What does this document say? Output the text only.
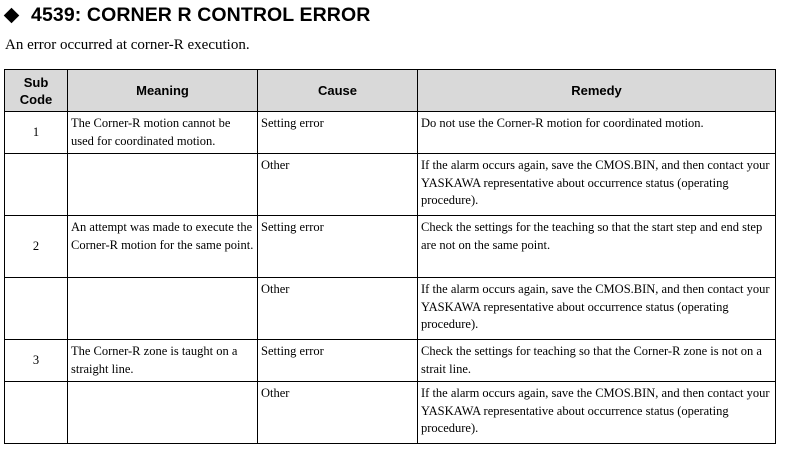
4539: CORNER R CONTROL ERROR
An error occurred at corner-R execution.
Sub
Code	Meaning	Cause	Remedy
1	The Corner-R motion cannot be used for coordinated motion.	Setting error	Do not use the Corner-R motion for coordinated motion.
		Other	If the alarm occurs again, save the CMOS.BIN, and then contact your YASKAWA representative about occurrence status (operating procedure).
2	An attempt was made to execute the Corner-R motion for the same point.	Setting error	Check the settings for the teaching so that the start step and end step are not on the same point.
		Other	If the alarm occurs again, save the CMOS.BIN, and then contact your YASKAWA representative about occurrence status (operating procedure).
3	The Corner-R zone is taught on a straight line.	Setting error	Check the settings for teaching so that the Corner-R zone is not on a strait line.
		Other	If the alarm occurs again, save the CMOS.BIN, and then contact your YASKAWA representative about occurrence status (operating procedure).
